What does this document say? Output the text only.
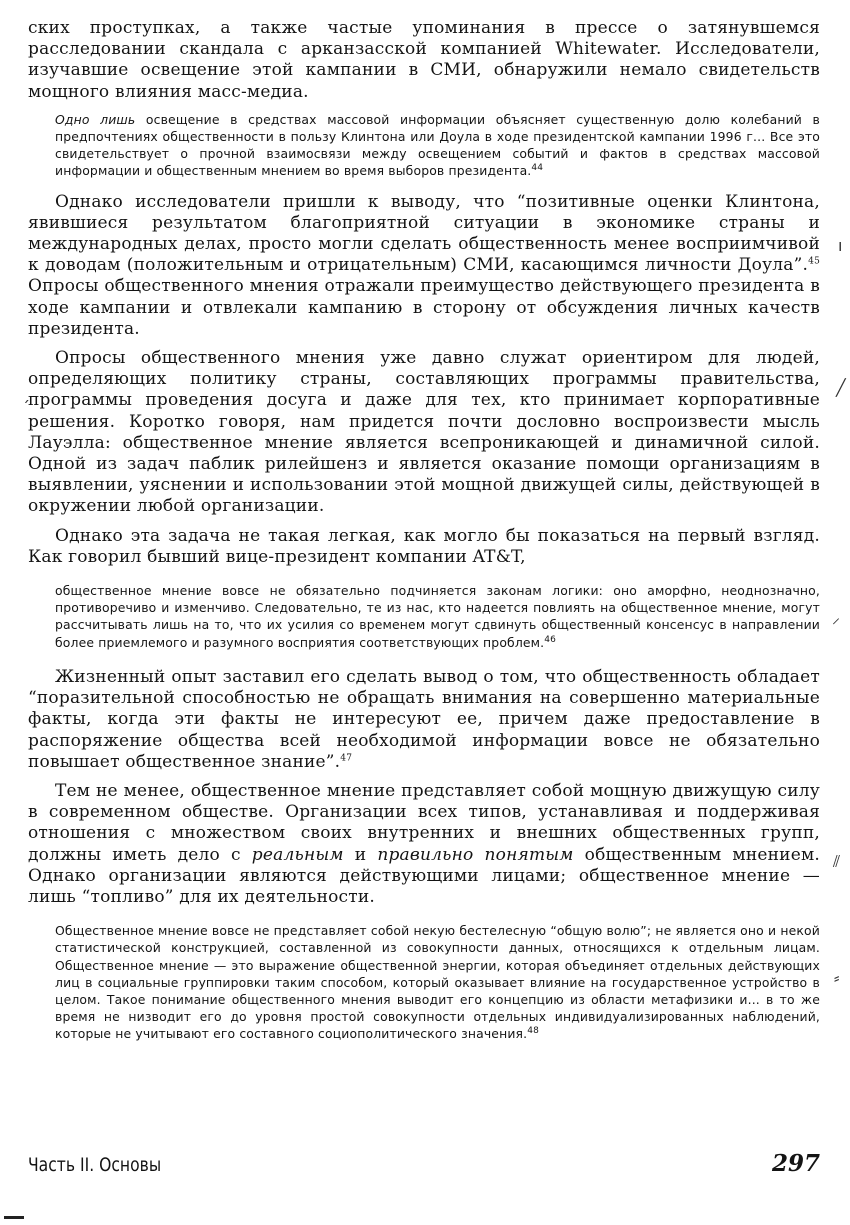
ских проступках, а также частые упоминания в прессе о затянувшемся расследовании скандала с арканзасской компанией Whitewater. Исследователи, изучавшие освещение этой кампании в СМИ, обнаружили немало свидетельств мощного влияния масс-медиа.

Одно лишь освещение в средствах массовой информации объясняет существенную долю колебаний в предпочтениях общественности в пользу Клинтона или Доула в ходе президентской кампании 1996 г... Все это свидетельствует о прочной взаимосвязи между освещением событий и фактов в средствах массовой информации и общественным мнением во время выборов президента.$^{44}$

Однако исследователи пришли к выводу, что “позитивные оценки Клинтона, явившиеся результатом благоприятной ситуации в экономике страны и международных делах, просто могли сделать общественность менее восприимчивой к доводам (положительным и отрицательным) СМИ, касающимся личности Доула”.$^{45}$ Опросы общественного мнения отражали преимущество действующего президента в ходе кампании и отвлекали кампанию в сторону от обсуждения личных качеств президента.

Опросы общественного мнения уже давно служат ориентиром для людей, определяющих политику страны, составляющих программы правительства, программы проведения досуга и даже для тех, кто принимает корпоративные решения. Коротко говоря, нам придется почти дословно воспроизвести мысль Лауэлла: общественное мнение является всепроникающей и динамичной силой. Одной из задач паблик рилейшенз и является оказание помощи организациям в выявлении, уяснении и использовании этой мощной движущей силы, действующей в окружении любой организации.

Однако эта задача не такая легкая, как могло бы показаться на первый взгляд. Как говорил бывший вице-президент компании AT&T,

общественное мнение вовсе не обязательно подчиняется законам логики: оно аморфно, неоднозначно, противоречиво и изменчиво. Следовательно, те из нас, кто надеется повлиять на общественное мнение, могут рассчитывать лишь на то, что их усилия со временем могут сдвинуть общественный консенсус в направлении более приемлемого и разумного восприятия соответствующих проблем.$^{46}$

Жизненный опыт заставил его сделать вывод о том, что общественность обладает “поразительной способностью не обращать внимания на совершенно материальные факты, когда эти факты не интересуют ее, причем даже предоставление в распоряжение общества всей необходимой информации вовсе не обязательно повышает общественное знание”.$^{47}$

Тем не менее, общественное мнение представляет собой мощную движущую силу в современном обществе. Организации всех типов, устанавливая и поддерживая отношения с множеством своих внутренних и внешних общественных групп, должны иметь дело с реальным и правильно понятым общественным мнением. Однако организации являются действующими лицами; общественное мнение — лишь “топливо” для их деятельности.

Общественное мнение вовсе не представляет собой некую бестелесную “общую волю”; не является оно и некой статистической конструкцией, составленной из совокупности данных, относящихся к отдельным лицам. Общественное мнение — это выражение общественной энергии, которая объединяет отдельных действующих лиц в социальные группировки таким способом, который оказывает влияние на государственное устройство в целом. Такое понимание общественного мнения выводит его концепцию из области метафизики и... в то же время не низводит его до уровня простой совокупности отдельных индивидуализированных наблюдений, которые не учитывают его составного социополитического значения.$^{48}$

ı
╱
ˏ
⸝
⫽
⸗
Часть II. Основы	297
